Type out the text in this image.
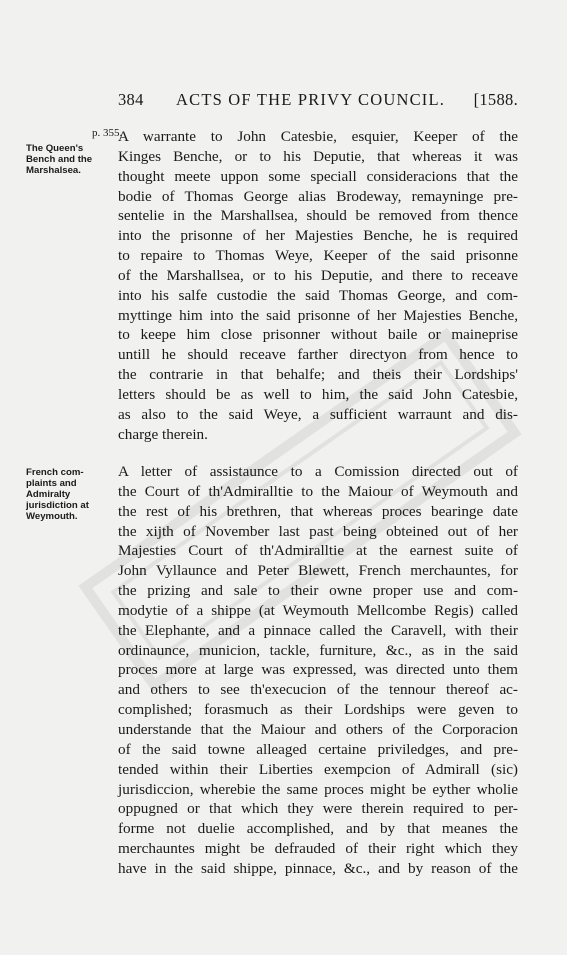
384 ACTS OF THE PRIVY COUNCIL. [1588.
p. 355.
The Queen's
Bench and the
Marshalsea.
French com-
plaints and
Admiralty
jurisdiction at
Weymouth.
A warrante to John Catesbie, esquier, Keeper of the
Kinges Benche, or to his Deputie, that whereas it was
thought meete uppon some speciall consideracions that the
bodie of Thomas George alias Brodeway, remayninge pre-
sentelie in the Marshallsea, should be removed from thence
into the prisonne of her Majesties Benche, he is required
to repaire to Thomas Weye, Keeper of the said prisonne
of the Marshallsea, or to his Deputie, and there to receave
into his salfe custodie the said Thomas George, and com-
myttinge him into the said prisonne of her Majesties Benche,
to keepe him close prisonner without baile or maineprise
untill he should receave farther directyon from hence to
the contrarie in that behalfe; and theis their Lordships'
letters should be as well to him, the said John Catesbie,
as also to the said Weye, a sufficient warraunt and dis-
charge therein.
A letter of assistaunce to a Comission directed out of
the Court of th'Admiralltie to the Maiour of Weymouth and
the rest of his brethren, that whereas proces bearinge date
the xijth of November last past being obteined out of her
Majesties Court of th'Admiralltie at the earnest suite of
John Vyllaunce and Peter Blewett, French merchauntes, for
the prizing and sale to their owne proper use and com-
modytie of a shippe (at Weymouth Mellcombe Regis) called
the Elephante, and a pinnace called the Caravell, with their
ordinaunce, municion, tackle, furniture, &c., as in the said
proces more at large was expressed, was directed unto them
and others to see th'execucion of the tennour thereof ac-
complished; forasmuch as their Lordships were geven to
understande that the Maiour and others of the Corporacion
of the said towne alleaged certaine priviledges, and pre-
tended within their Liberties exempcion of Admirall (sic)
jurisdiccion, wherebie the same proces might be eyther wholie
oppugned or that which they were therein required to per-
forme not duelie accomplished, and by that meanes the
merchauntes might be defrauded of their right which they
have in the said shippe, pinnace, &c., and by reason of the
